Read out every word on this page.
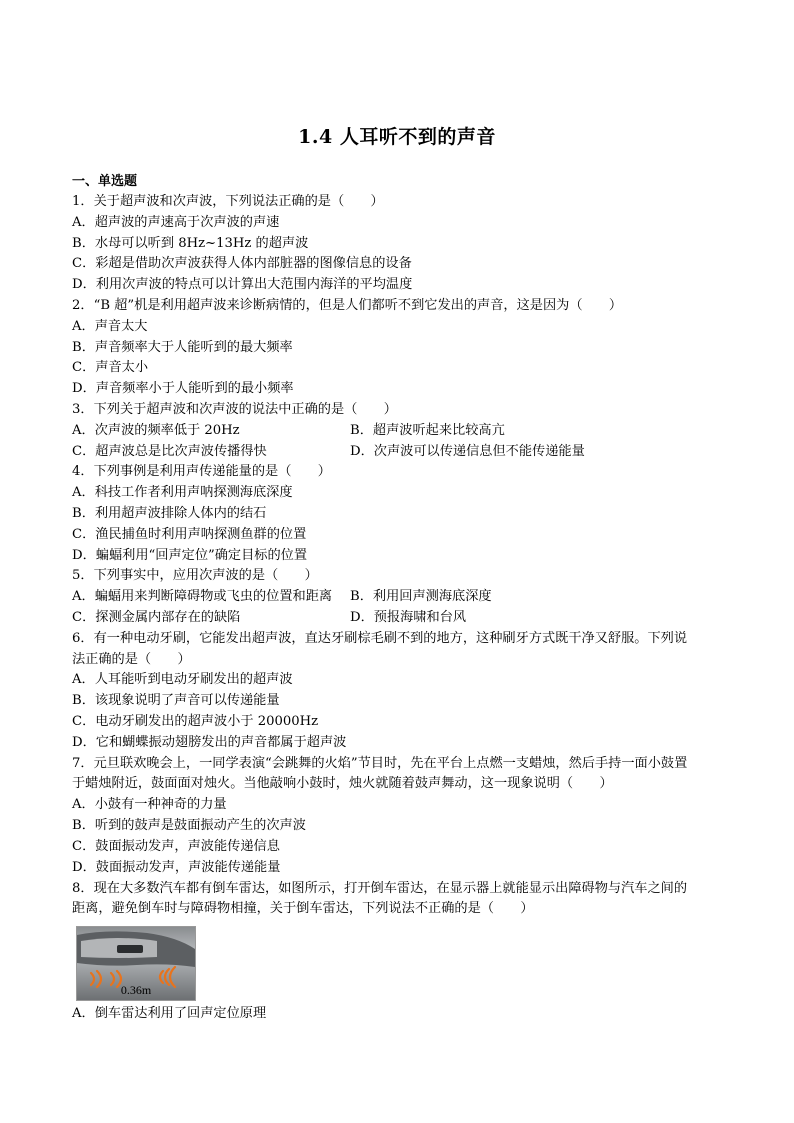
1.4 人耳听不到的声音
一、单选题
1．关于超声波和次声波，下列说法正确的是（　　）
A．超声波的声速高于次声波的声速
B．水母可以听到 8Hz~13Hz 的超声波
C．彩超是借助次声波获得人体内部脏器的图像信息的设备
D．利用次声波的特点可以计算出大范围内海洋的平均温度
2．“B 超”机是利用超声波来诊断病情的，但是人们都听不到它发出的声音，这是因为（　　）
A．声音太大
B．声音频率大于人能听到的最大频率
C．声音太小
D．声音频率小于人能听到的最小频率
3．下列关于超声波和次声波的说法中正确的是（　　）
A．次声波的频率低于 20Hz	B．超声波听起来比较高亢
C．超声波总是比次声波传播得快	D．次声波可以传递信息但不能传递能量
4．下列事例是利用声传递能量的是（　　）
A．科技工作者利用声呐探测海底深度
B．利用超声波排除人体内的结石
C．渔民捕鱼时利用声呐探测鱼群的位置
D．蝙蝠利用“回声定位”确定目标的位置
5．下列事实中，应用次声波的是（　　）
A．蝙蝠用来判断障碍物或飞虫的位置和距离 B．利用回声测海底深度
C．探测金属内部存在的缺陷	D．预报海啸和台风
6．有一种电动牙刷，它能发出超声波，直达牙刷棕毛刷不到的地方，这种刷牙方式既干净又舒服。下列说
法正确的是（　　）
A．人耳能听到电动牙刷发出的超声波
B．该现象说明了声音可以传递能量
C．电动牙刷发出的超声波小于 20000Hz
D．它和蝴蝶振动翅膀发出的声音都属于超声波
7．元旦联欢晚会上，一同学表演“会跳舞的火焰”节目时，先在平台上点燃一支蜡烛，然后手持一面小鼓置
于蜡烛附近，鼓面面对烛火。当他敲响小鼓时，烛火就随着鼓声舞动，这一现象说明（　　）
A．小鼓有一种神奇的力量
B．听到的鼓声是鼓面振动产生的次声波
C．鼓面振动发声，声波能传递信息
D．鼓面振动发声，声波能传递能量
8．现在大多数汽车都有倒车雷达，如图所示，打开倒车雷达，在显示器上就能显示出障碍物与汽车之间的
距离，避免倒车时与障碍物相撞，关于倒车雷达，下列说法不正确的是（　　）
0.36m
A．倒车雷达利用了回声定位原理
